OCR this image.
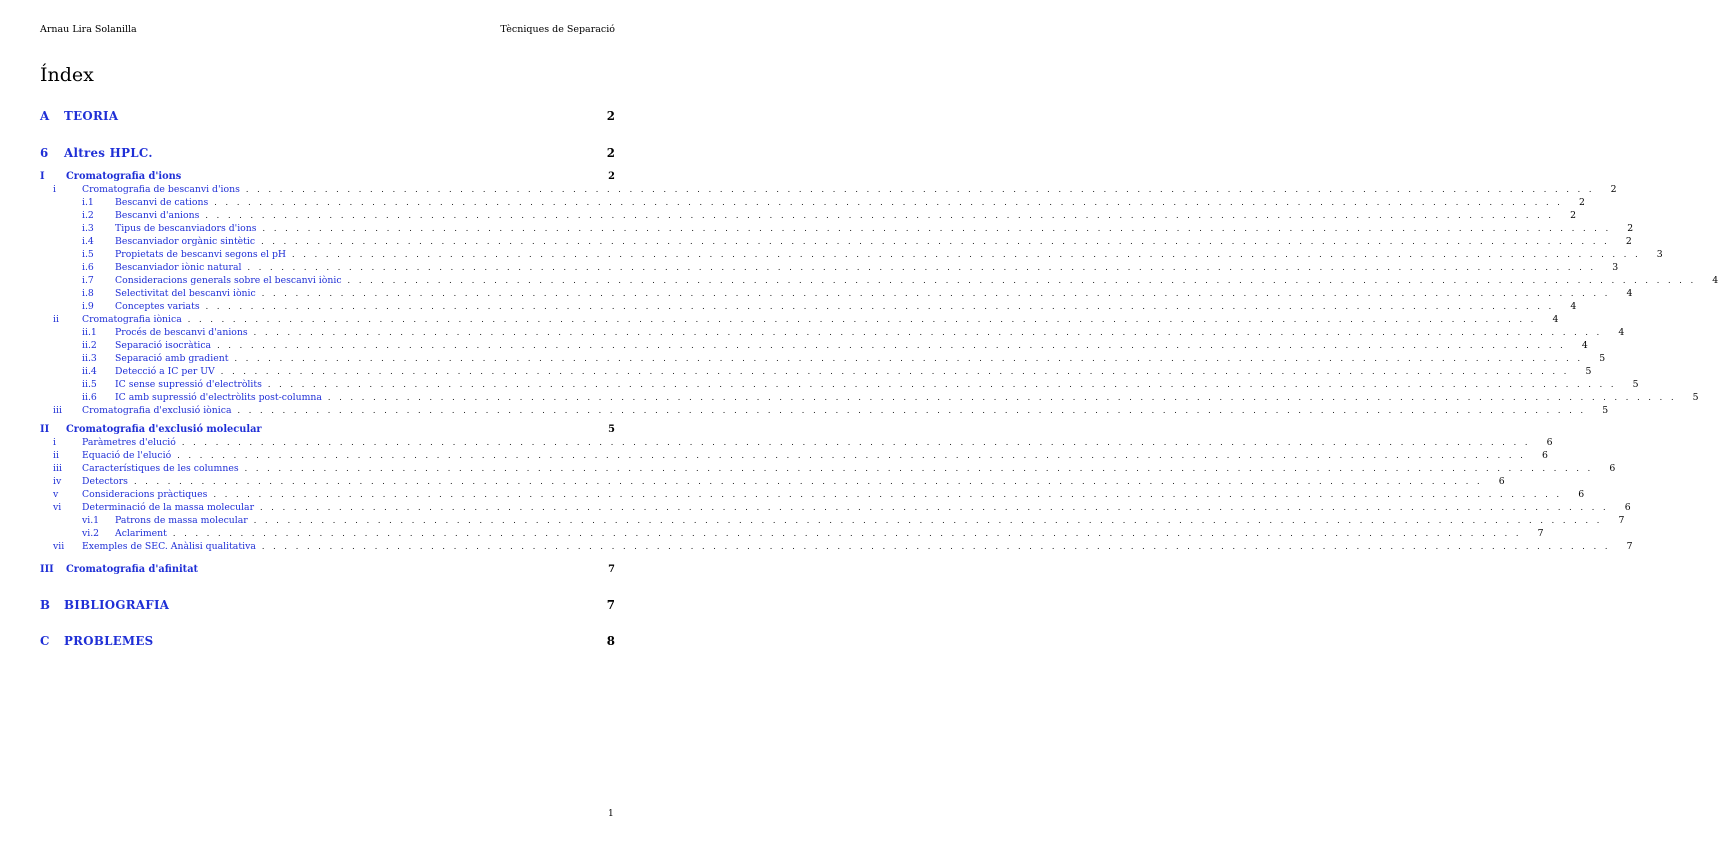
Arnau Lira Solanilla	Tècniques de Separació
Índex
A	TEORIA	2
6	Altres HPLC.	2
I	Cromatografia d'ions	2
i	Cromatografia de bescanvi d'ions . . . . . . . . . . . . . . . . . . . . . . . . . . . . . . . . . . . . . . . . . . . . . . . . . . . . . . . . . . . . . . . . . . . . . . . . . . . . . . . . . . . . . . . . . . . . . . . . . . . . . . . . . . . . . . . . . . . . . . . .	2
i.1	Bescanvi de cations . . . . . . . . . . . . . . . . . . . . . . . . . . . . . . . . . . . . . . . . . . . . . . . . . . . . . . . . . . . . . . . . . . . . . . . . . . . . . . . . . . . . . . . . . . . . . . . . . . . . . . . . . . . . . . . . . . . . . . . .	2
i.2	Bescanvi d'anions . . . . . . . . . . . . . . . . . . . . . . . . . . . . . . . . . . . . . . . . . . . . . . . . . . . . . . . . . . . . . . . . . . . . . . . . . . . . . . . . . . . . . . . . . . . . . . . . . . . . . . . . . . . . . . . . . . . . . . . .	2
i.3	Tipus de bescanviadors d'ions . . . . . . . . . . . . . . . . . . . . . . . . . . . . . . . . . . . . . . . . . . . . . . . . . . . . . . . . . . . . . . . . . . . . . . . . . . . . . . . . . . . . . . . . . . . . . . . . . . . . . . . . . . . . . . . . . . . . . . . .	2
i.4	Bescanviador orgànic sintètic . . . . . . . . . . . . . . . . . . . . . . . . . . . . . . . . . . . . . . . . . . . . . . . . . . . . . . . . . . . . . . . . . . . . . . . . . . . . . . . . . . . . . . . . . . . . . . . . . . . . . . . . . . . . . . . . . . . . . . . .	2
i.5	Propietats de bescanvi segons el pH . . . . . . . . . . . . . . . . . . . . . . . . . . . . . . . . . . . . . . . . . . . . . . . . . . . . . . . . . . . . . . . . . . . . . . . . . . . . . . . . . . . . . . . . . . . . . . . . . . . . . . . . . . . . . . . . . . . . . . . .	3
i.6	Bescanviador iònic natural . . . . . . . . . . . . . . . . . . . . . . . . . . . . . . . . . . . . . . . . . . . . . . . . . . . . . . . . . . . . . . . . . . . . . . . . . . . . . . . . . . . . . . . . . . . . . . . . . . . . . . . . . . . . . . . . . . . . . . . .	3
i.7	Consideracions generals sobre el bescanvi iònic . . . . . . . . . . . . . . . . . . . . . . . . . . . . . . . . . . . . . . . . . . . . . . . . . . . . . . . . . . . . . . . . . . . . . . . . . . . . . . . . . . . . . . . . . . . . . . . . . . . . . . . . . . . . . . . . . . . . . . . .	4
i.8	Selectivitat del bescanvi iònic . . . . . . . . . . . . . . . . . . . . . . . . . . . . . . . . . . . . . . . . . . . . . . . . . . . . . . . . . . . . . . . . . . . . . . . . . . . . . . . . . . . . . . . . . . . . . . . . . . . . . . . . . . . . . . . . . . . . . . . .	4
i.9	Conceptes variats . . . . . . . . . . . . . . . . . . . . . . . . . . . . . . . . . . . . . . . . . . . . . . . . . . . . . . . . . . . . . . . . . . . . . . . . . . . . . . . . . . . . . . . . . . . . . . . . . . . . . . . . . . . . . . . . . . . . . . . .	4
ii	Cromatografia iònica . . . . . . . . . . . . . . . . . . . . . . . . . . . . . . . . . . . . . . . . . . . . . . . . . . . . . . . . . . . . . . . . . . . . . . . . . . . . . . . . . . . . . . . . . . . . . . . . . . . . . . . . . . . . . . . . . . . . . . . .	4
ii.1	Procés de bescanvi d'anions . . . . . . . . . . . . . . . . . . . . . . . . . . . . . . . . . . . . . . . . . . . . . . . . . . . . . . . . . . . . . . . . . . . . . . . . . . . . . . . . . . . . . . . . . . . . . . . . . . . . . . . . . . . . . . . . . . . . . . . .	4
ii.2	Separació isocràtica . . . . . . . . . . . . . . . . . . . . . . . . . . . . . . . . . . . . . . . . . . . . . . . . . . . . . . . . . . . . . . . . . . . . . . . . . . . . . . . . . . . . . . . . . . . . . . . . . . . . . . . . . . . . . . . . . . . . . . . .	4
ii.3	Separació amb gradient . . . . . . . . . . . . . . . . . . . . . . . . . . . . . . . . . . . . . . . . . . . . . . . . . . . . . . . . . . . . . . . . . . . . . . . . . . . . . . . . . . . . . . . . . . . . . . . . . . . . . . . . . . . . . . . . . . . . . . . .	5
ii.4	Detecció a IC per UV . . . . . . . . . . . . . . . . . . . . . . . . . . . . . . . . . . . . . . . . . . . . . . . . . . . . . . . . . . . . . . . . . . . . . . . . . . . . . . . . . . . . . . . . . . . . . . . . . . . . . . . . . . . . . . . . . . . . . . . .	5
ii.5	IC sense supressió d'electròlits . . . . . . . . . . . . . . . . . . . . . . . . . . . . . . . . . . . . . . . . . . . . . . . . . . . . . . . . . . . . . . . . . . . . . . . . . . . . . . . . . . . . . . . . . . . . . . . . . . . . . . . . . . . . . . . . . . . . . . . .	5
ii.6	IC amb supressió d'electròlits post-columna . . . . . . . . . . . . . . . . . . . . . . . . . . . . . . . . . . . . . . . . . . . . . . . . . . . . . . . . . . . . . . . . . . . . . . . . . . . . . . . . . . . . . . . . . . . . . . . . . . . . . . . . . . . . . . . . . . . . . . . .	5
iii	Cromatografia d'exclusió iònica . . . . . . . . . . . . . . . . . . . . . . . . . . . . . . . . . . . . . . . . . . . . . . . . . . . . . . . . . . . . . . . . . . . . . . . . . . . . . . . . . . . . . . . . . . . . . . . . . . . . . . . . . . . . . . . . . . . . . . . .	5
II	Cromatografia d'exclusió molecular	5
i	Paràmetres d'elució . . . . . . . . . . . . . . . . . . . . . . . . . . . . . . . . . . . . . . . . . . . . . . . . . . . . . . . . . . . . . . . . . . . . . . . . . . . . . . . . . . . . . . . . . . . . . . . . . . . . . . . . . . . . . . . . . . . . . . . .	6
ii	Equació de l'elució . . . . . . . . . . . . . . . . . . . . . . . . . . . . . . . . . . . . . . . . . . . . . . . . . . . . . . . . . . . . . . . . . . . . . . . . . . . . . . . . . . . . . . . . . . . . . . . . . . . . . . . . . . . . . . . . . . . . . . . .	6
iii	Característiques de les columnes . . . . . . . . . . . . . . . . . . . . . . . . . . . . . . . . . . . . . . . . . . . . . . . . . . . . . . . . . . . . . . . . . . . . . . . . . . . . . . . . . . . . . . . . . . . . . . . . . . . . . . . . . . . . . . . . . . . . . . . .	6
iv	Detectors . . . . . . . . . . . . . . . . . . . . . . . . . . . . . . . . . . . . . . . . . . . . . . . . . . . . . . . . . . . . . . . . . . . . . . . . . . . . . . . . . . . . . . . . . . . . . . . . . . . . . . . . . . . . . . . . . . . . . . . .	6
v	Consideracions pràctiques . . . . . . . . . . . . . . . . . . . . . . . . . . . . . . . . . . . . . . . . . . . . . . . . . . . . . . . . . . . . . . . . . . . . . . . . . . . . . . . . . . . . . . . . . . . . . . . . . . . . . . . . . . . . . . . . . . . . . . . .	6
vi	Determinació de la massa molecular . . . . . . . . . . . . . . . . . . . . . . . . . . . . . . . . . . . . . . . . . . . . . . . . . . . . . . . . . . . . . . . . . . . . . . . . . . . . . . . . . . . . . . . . . . . . . . . . . . . . . . . . . . . . . . . . . . . . . . . .	6
vi.1	Patrons de massa molecular . . . . . . . . . . . . . . . . . . . . . . . . . . . . . . . . . . . . . . . . . . . . . . . . . . . . . . . . . . . . . . . . . . . . . . . . . . . . . . . . . . . . . . . . . . . . . . . . . . . . . . . . . . . . . . . . . . . . . . . .	7
vi.2	Aclariment . . . . . . . . . . . . . . . . . . . . . . . . . . . . . . . . . . . . . . . . . . . . . . . . . . . . . . . . . . . . . . . . . . . . . . . . . . . . . . . . . . . . . . . . . . . . . . . . . . . . . . . . . . . . . . . . . . . . . . . .	7
vii	Exemples de SEC. Anàlisi qualitativa . . . . . . . . . . . . . . . . . . . . . . . . . . . . . . . . . . . . . . . . . . . . . . . . . . . . . . . . . . . . . . . . . . . . . . . . . . . . . . . . . . . . . . . . . . . . . . . . . . . . . . . . . . . . . . . . . . . . . . . .	7
III	Cromatografia d'afinitat	7
B	BIBLIOGRAFIA	7
C	PROBLEMES	8
1
